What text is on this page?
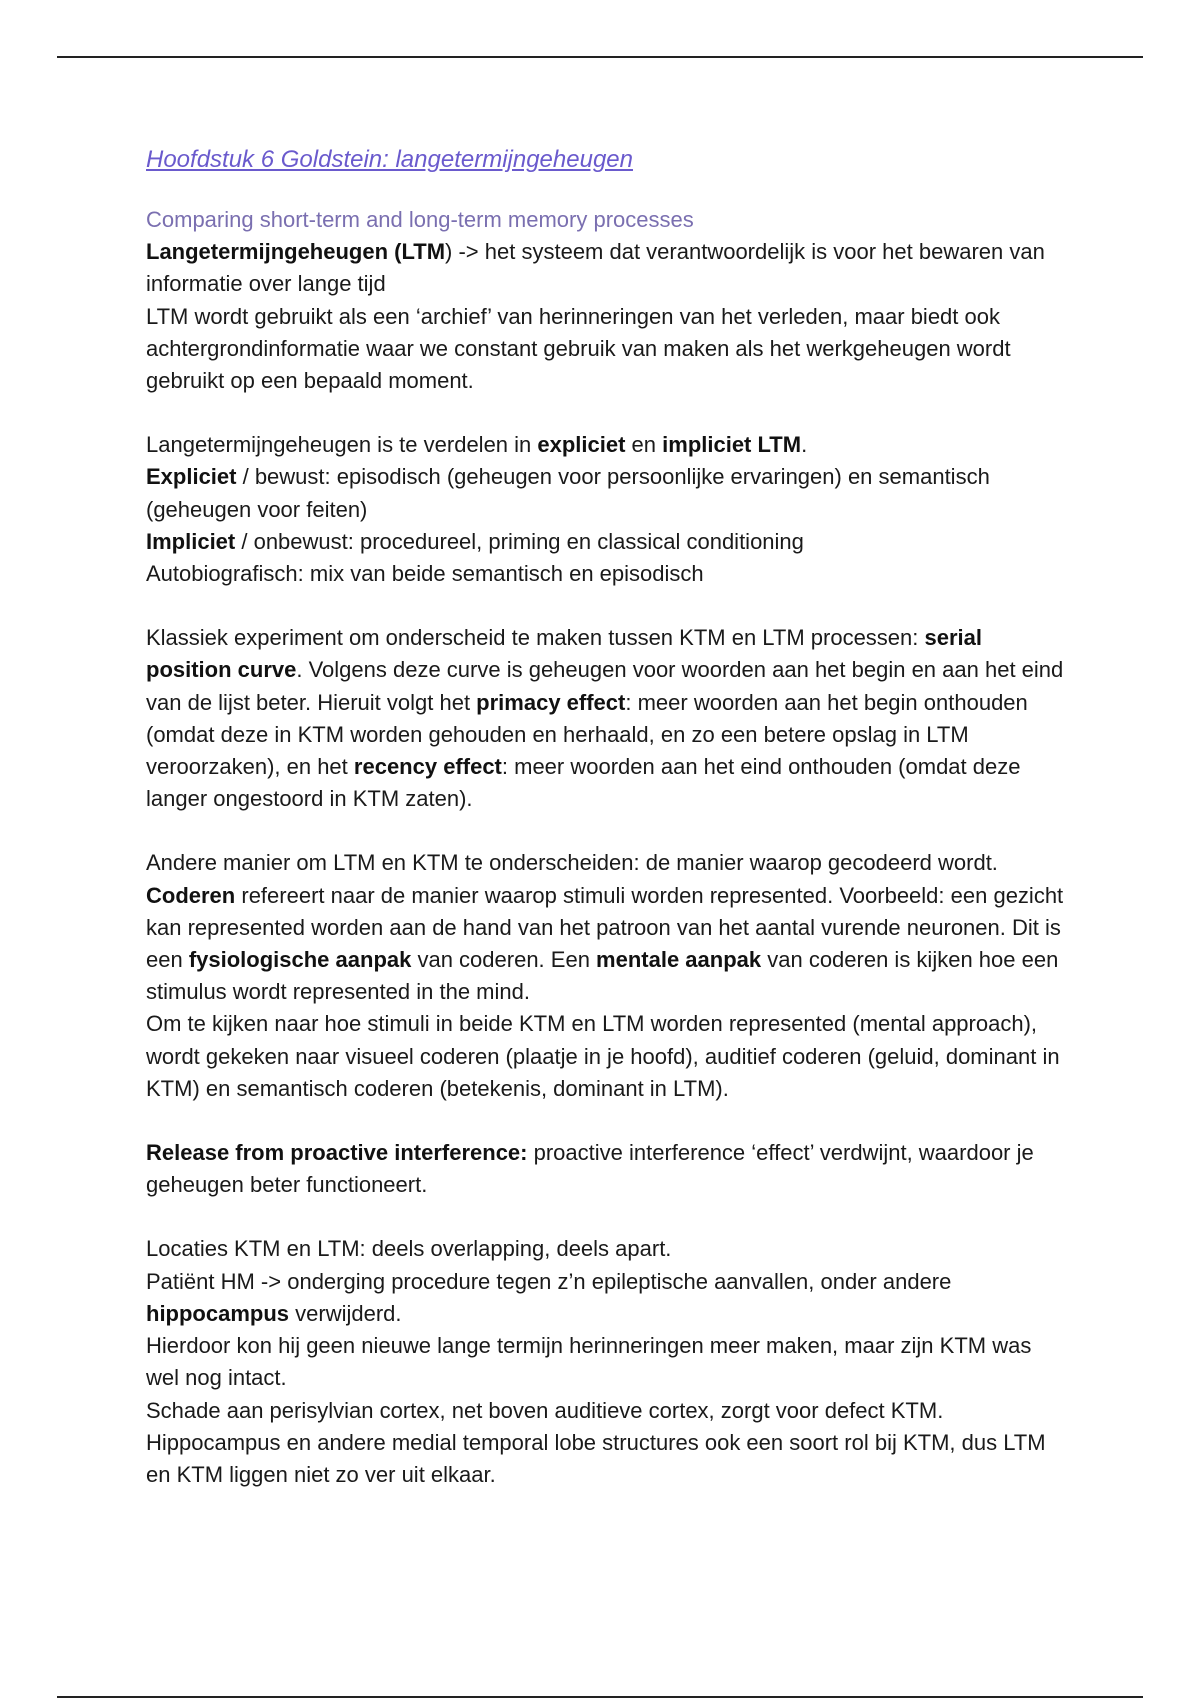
Hoofdstuk 6 Goldstein: langetermijngeheugen

Comparing short-term and long-term memory processes

Langetermijngeheugen (LTM) -> het systeem dat verantwoordelijk is voor het bewaren van informatie over lange tijd

LTM wordt gebruikt als een ‘archief’ van herinneringen van het verleden, maar biedt ook achtergrondinformatie waar we constant gebruik van maken als het werkgeheugen wordt gebruikt op een bepaald moment.

Langetermijngeheugen is te verdelen in expliciet en impliciet LTM.

Expliciet / bewust: episodisch (geheugen voor persoonlijke ervaringen) en semantisch (geheugen voor feiten)

Impliciet / onbewust: procedureel, priming en classical conditioning

Autobiografisch: mix van beide semantisch en episodisch

Klassiek experiment om onderscheid te maken tussen KTM en LTM processen: serial position curve. Volgens deze curve is geheugen voor woorden aan het begin en aan het eind van de lijst beter. Hieruit volgt het primacy effect: meer woorden aan het begin onthouden (omdat deze in KTM worden gehouden en herhaald, en zo een betere opslag in LTM veroorzaken), en het recency effect: meer woorden aan het eind onthouden (omdat deze langer ongestoord in KTM zaten).

Andere manier om LTM en KTM te onderscheiden: de manier waarop gecodeerd wordt. Coderen refereert naar de manier waarop stimuli worden represented. Voorbeeld: een gezicht kan represented worden aan de hand van het patroon van het aantal vurende neuronen. Dit is een fysiologische aanpak van coderen. Een mentale aanpak van coderen is kijken hoe een stimulus wordt represented in the mind.

Om te kijken naar hoe stimuli in beide KTM en LTM worden represented (mental approach), wordt gekeken naar visueel coderen (plaatje in je hoofd), auditief coderen (geluid, dominant in KTM) en semantisch coderen (betekenis, dominant in LTM).

Release from proactive interference: proactive interference ‘effect’ verdwijnt, waardoor je geheugen beter functioneert.

Locaties KTM en LTM: deels overlapping, deels apart.

Patiënt HM -> onderging procedure tegen z’n epileptische aanvallen, onder andere hippocampus verwijderd.

Hierdoor kon hij geen nieuwe lange termijn herinneringen meer maken, maar zijn KTM was wel nog intact.

Schade aan perisylvian cortex, net boven auditieve cortex, zorgt voor defect KTM.

Hippocampus en andere medial temporal lobe structures ook een soort rol bij KTM, dus LTM en KTM liggen niet zo ver uit elkaar.
